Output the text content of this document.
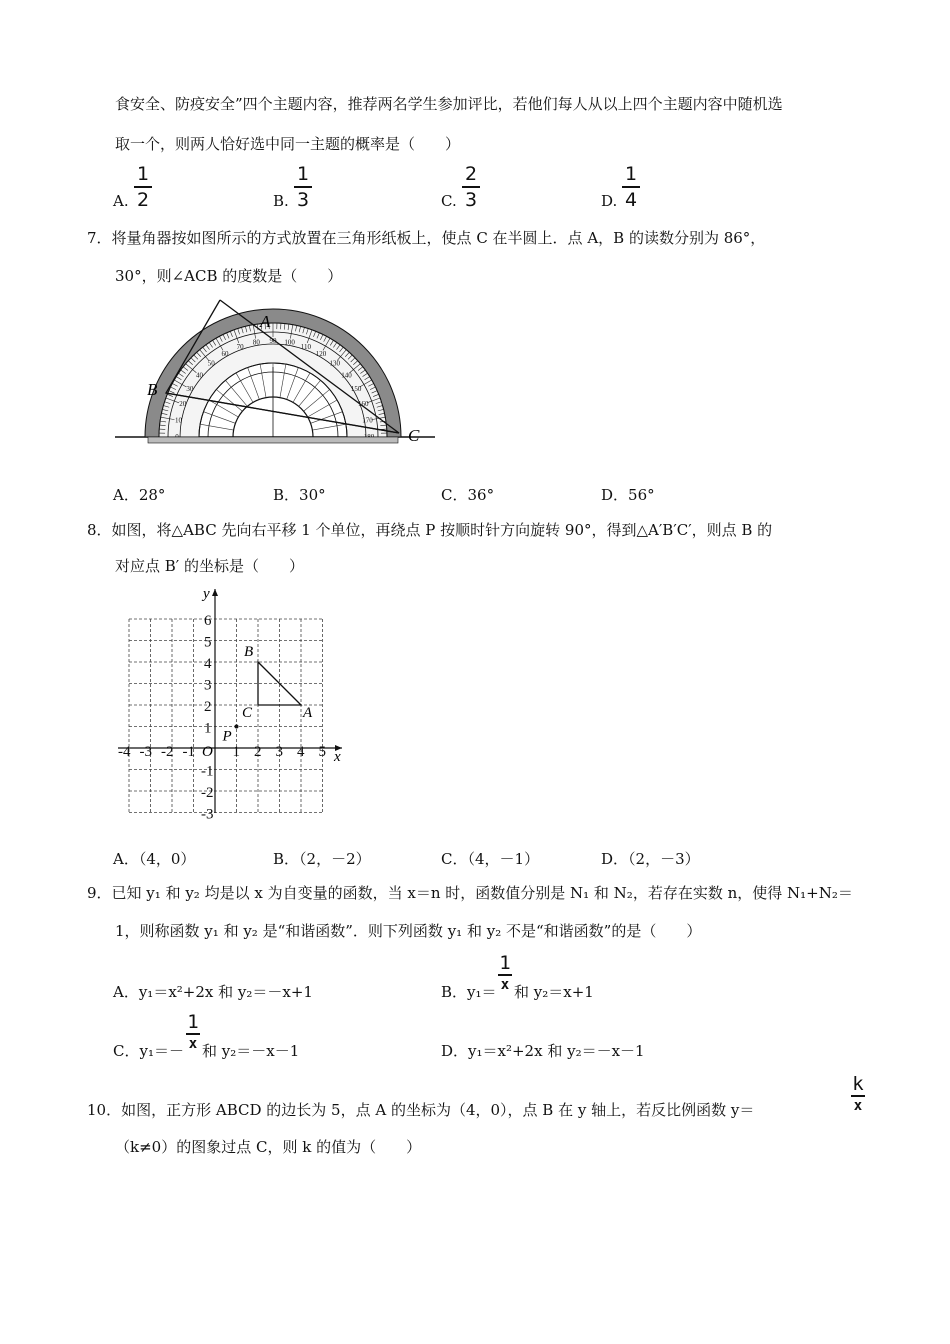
食安全、防疫安全”四个主题内容，推荐两名学生参加评比，若他们每人从以上四个主题内容中随机选
取一个，则两人恰好选中同一主题的概率是（　　）
A.
1
2	B.
1
3	C.
2
3	D.
1
4
7．将量角器按如图所示的方式放置在三角形纸板上，使点 C 在半圆上．点 A，B 的读数分别为 86°，
30°，则∠ACB 的度数是（　　）
10
20
30
40
50
60
70
80 90 100
110
120
130
140
150
160
170
A
B
C
A．28°	B．30°	C．36°	D．56°
8．如图，将△ABC 先向右平移 1 个单位，再绕点 P 按顺时针方向旋转 90°，得到△A′B′C′，则点 B 的
对应点 B′ 的坐标是（　　）
x
y
O
-4 -3 -2 -1	1 2 3 4 5
6
5
4
3
2
1
-1
-2
-3
A
B
C
P
A．（4，0）	B．（2，－2）	C．（4，－1）	D．（2，－3）
9．已知 y₁ 和 y₂ 均是以 x 为自变量的函数，当 x＝n 时，函数值分别是 N₁ 和 N₂，若存在实数 n，使得 N₁+N₂＝
1，则称函数 y₁ 和 y₂ 是“和谐函数”．则下列函数 y₁ 和 y₂ 不是“和谐函数”的是（　　）
A．y₁＝x²+2x 和 y₂＝－x+1	B．y₁＝
1
x 和 y₂＝x+1
C．y₁＝－
1
x 和 y₂＝－x－1	D．y₁＝x²+2x 和 y₂＝－x－1
10．如图，正方形 ABCD 的边长为 5，点 A 的坐标为（4，0），点 B 在 y 轴上，若反比例函数 y＝
k
x
（k≠0）的图象过点 C，则 k 的值为（　　）
